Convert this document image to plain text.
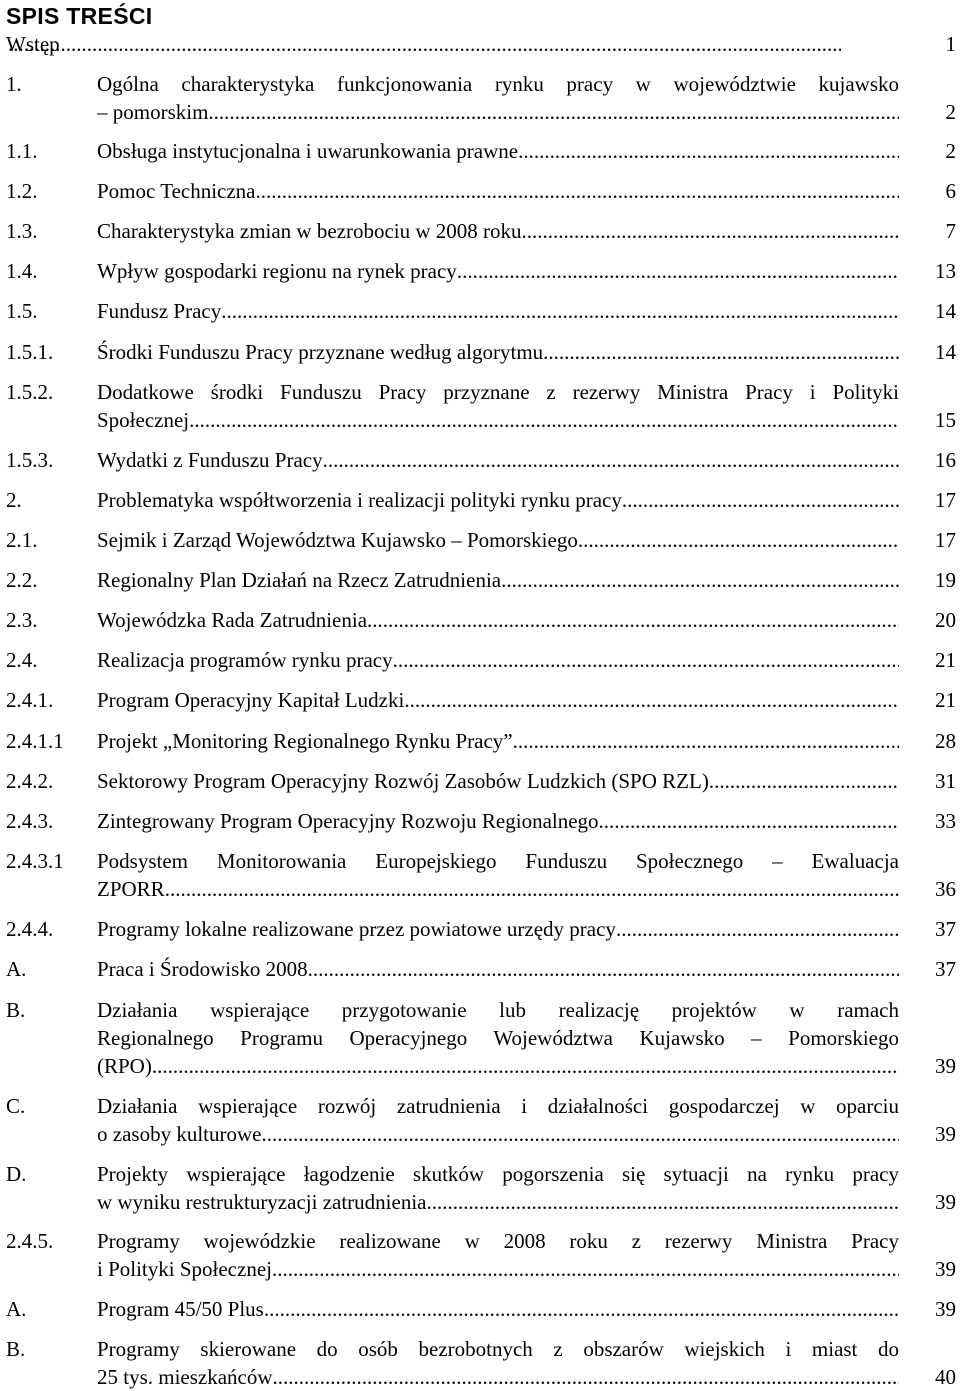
SPIS TREŚCI
Wstęp .....	1
1.	Ogólna charakterystyka funkcjonowania rynku pracy w województwie kujawsko
– pomorskim .....	2
1.1.	Obsługa instytucjonalna i uwarunkowania prawne .....	2
1.2.	Pomoc Techniczna .....	6
1.3.	Charakterystyka zmian w bezrobociu w 2008 roku .....	7
1.4.	Wpływ gospodarki regionu na rynek pracy .....	13
1.5.	Fundusz Pracy .....	14
1.5.1. Środki Funduszu Pracy przyznane według algorytmu .....	14
1.5.2. Dodatkowe środki Funduszu Pracy przyznane z rezerwy Ministra Pracy i Polityki
Społecznej .....	15
1.5.3. Wydatki z Funduszu Pracy .....	16
2.	Problematyka współtworzenia i realizacji polityki rynku pracy .....	17
2.1.	Sejmik i Zarząd Województwa Kujawsko – Pomorskiego .....	17
2.2.	Regionalny Plan Działań na Rzecz Zatrudnienia .....	19
2.3.	Wojewódzka Rada Zatrudnienia .....	20
2.4.	Realizacja programów rynku pracy .....	21
2.4.1. Program Operacyjny Kapitał Ludzki .....	21
2.4.1.1 Projekt „Monitoring Regionalnego Rynku Pracy” .....	28
2.4.2. Sektorowy Program Operacyjny Rozwój Zasobów Ludzkich (SPO RZL) .....	31
2.4.3. Zintegrowany Program Operacyjny Rozwoju Regionalnego .....	33
2.4.3.1 Podsystem Monitorowania Europejskiego Funduszu Społecznego – Ewaluacja
ZPORR .....	36
2.4.4. Programy lokalne realizowane przez powiatowe urzędy pracy .....	37
A.	Praca i Środowisko 2008 .....	37
B.	Działania wspierające przygotowanie lub realizację projektów w ramach
Regionalnego Programu Operacyjnego Województwa Kujawsko – Pomorskiego
(RPO) .....	39
C.	Działania wspierające rozwój zatrudnienia i działalności gospodarczej w oparciu
o zasoby kulturowe .....	39
D.	Projekty wspierające łagodzenie skutków pogorszenia się sytuacji na rynku pracy
w wyniku restrukturyzacji zatrudnienia .....	39
2.4.5. Programy wojewódzkie realizowane w 2008 roku z rezerwy Ministra Pracy
i Polityki Społecznej .....	39
A.	Program 45/50 Plus .....	39
B.	Programy skierowane do osób bezrobotnych z obszarów wiejskich i miast do
25 tys. mieszkańców .....	40
